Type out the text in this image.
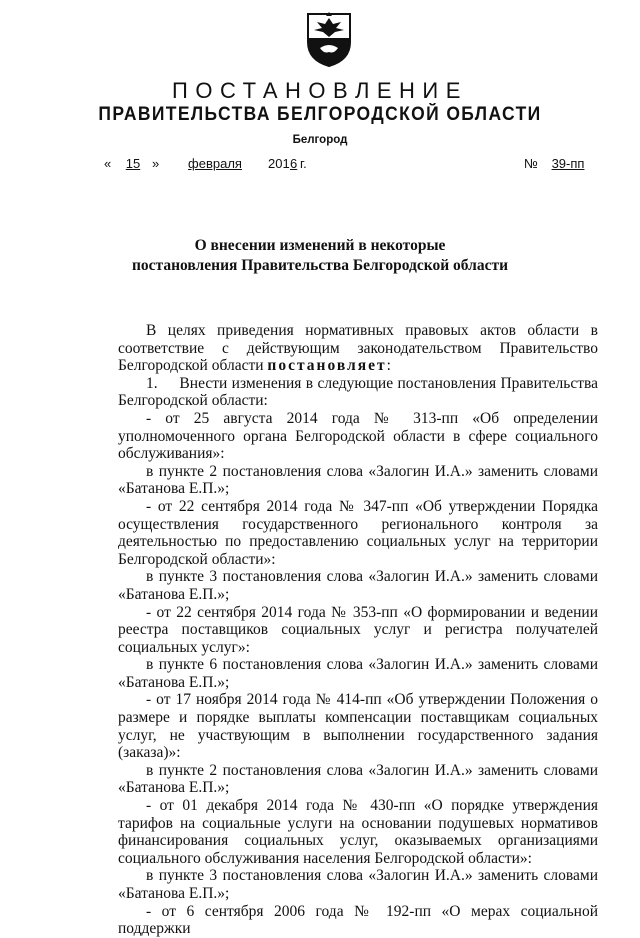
ПОСТАНОВЛЕНИЕ
ПРАВИТЕЛЬСТВА БЕЛГОРОДСКОЙ ОБЛАСТИ
Белгород
«	15 »	февраля	201 6 г.	№	39-пп
О внесении изменений в некоторые
постановления Правительства Белгородской области

В целях приведения нормативных правовых актов области в соответствие с действующим законодательством Правительство Белгородской области постановляет:

1.     Внести изменения в следующие постановления Правительства Белгородской области:

- от 25 августа 2014 года № 313-пп «Об определении уполномоченного органа Белгородской области в сфере социального обслуживания»:

в пункте 2 постановления слова «Залогин И.А.» заменить словами «Батанова Е.П.»;

- от 22 сентября 2014 года № 347-пп «Об утверждении Порядка осуществления государственного регионального контроля за деятельностью по предоставлению социальных услуг на территории Белгородской области»:

в пункте 3 постановления слова «Залогин И.А.» заменить словами «Батанова Е.П.»;

- от 22 сентября 2014 года № 353-пп «О формировании и ведении реестра поставщиков социальных услуг и регистра получателей социальных услуг»:

в пункте 6 постановления слова «Залогин И.А.» заменить словами «Батанова Е.П.»;

- от 17 ноября 2014 года № 414-пп «Об утверждении Положения о размере и порядке выплаты компенсации поставщикам социальных услуг, не участвующим в выполнении государственного задания (заказа)»:

в пункте 2 постановления слова «Залогин И.А.» заменить словами «Батанова Е.П.»;

- от 01 декабря 2014 года № 430-пп «О порядке утверждения тарифов на социальные услуги на основании подушевых нормативов финансирования социальных услуг, оказываемых организациями социального обслуживания населения Белгородской области»:

в пункте 3 постановления слова «Залогин И.А.» заменить словами «Батанова Е.П.»;

- от 6 сентября 2006 года № 192-пп «О мерах социальной поддержки
